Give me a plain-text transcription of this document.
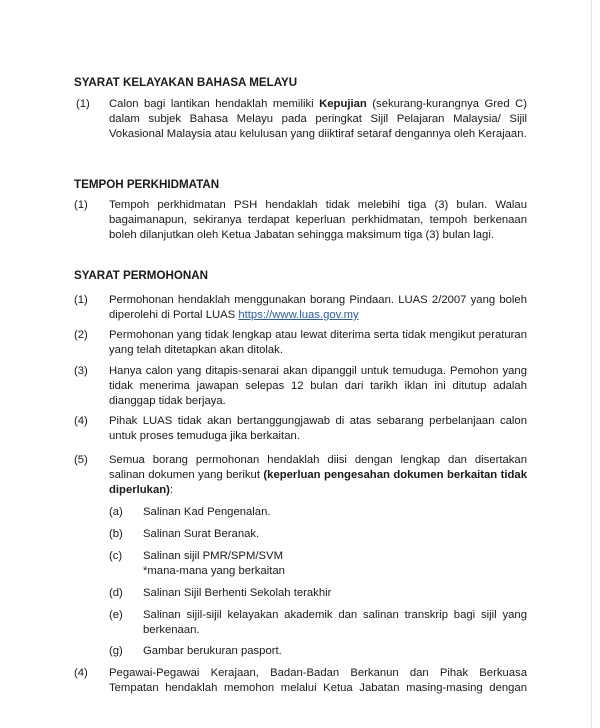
SYARAT KELAYAKAN BAHASA MELAYU
(1) Calon bagi lantikan hendaklah memiliki Kepujian (sekurang-kurangnya Gred C) dalam subjek Bahasa Melayu pada peringkat Sijil Pelajaran Malaysia/ Sijil Vokasional Malaysia atau kelulusan yang diiktiraf setaraf dengannya oleh Kerajaan.
TEMPOH PERKHIDMATAN
(1) Tempoh perkhidmatan PSH hendaklah tidak melebihi tiga (3) bulan. Walau bagaimanapun, sekiranya terdapat keperluan perkhidmatan, tempoh berkenaan boleh dilanjutkan oleh Ketua Jabatan sehingga maksimum tiga (3) bulan lagi.
SYARAT PERMOHONAN
(1) Permohonan hendaklah menggunakan borang Pindaan. LUAS 2/2007 yang boleh diperolehi di Portal LUAS https://www.luas.gov.my
(2) Permohonan yang tidak lengkap atau lewat diterima serta tidak mengikut peraturan yang telah ditetapkan akan ditolak.
(3) Hanya calon yang ditapis-senarai akan dipanggil untuk temuduga. Pemohon yang tidak menerima jawapan selepas 12 bulan dari tarikh iklan ini ditutup adalah dianggap tidak berjaya.
(4) Pihak LUAS tidak akan bertanggungjawab di atas sebarang perbelanjaan calon untuk proses temuduga jika berkaitan.
(5) Semua borang permohonan hendaklah diisi dengan lengkap dan disertakan salinan dokumen yang berikut (keperluan pengesahan dokumen berkaitan tidak diperlukan):
(a) Salinan Kad Pengenalan.
(b) Salinan Surat Beranak.
(c) Salinan sijil PMR/SPM/SVM
*mana-mana yang berkaitan
(d) Salinan Sijil Berhenti Sekolah terakhir
(e) Salinan sijil-sijil kelayakan akademik dan salinan transkrip bagi sijil yang berkenaan.
(g) Gambar berukuran pasport.
(4) Pegawai-Pegawai Kerajaan, Badan-Badan Berkanun dan Pihak Berkuasa Tempatan hendaklah memohon melalui Ketua Jabatan masing-masing dengan
